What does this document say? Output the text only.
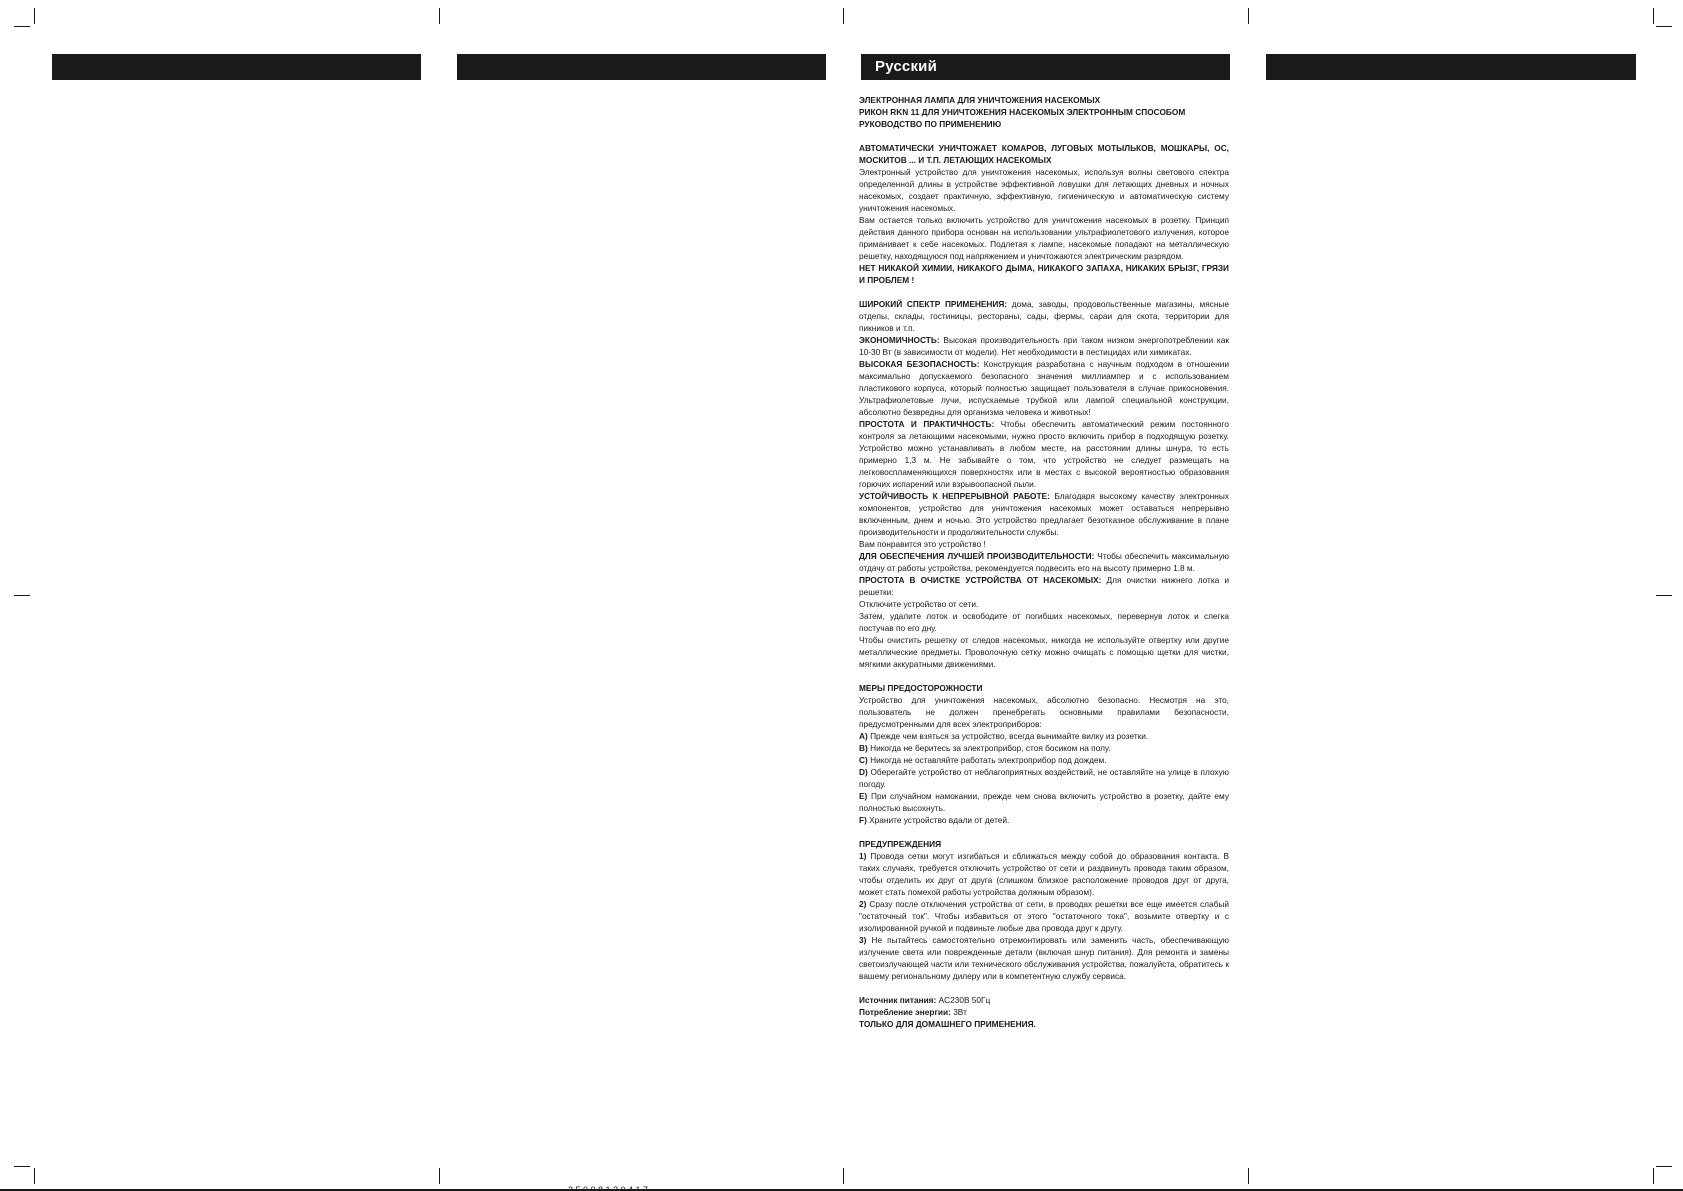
Русский

ЭЛЕКТРОННАЯ ЛАМПА ДЛЯ УНИЧТОЖЕНИЯ НАСЕКОМЫХ

РИКОН RKN 11 ДЛЯ УНИЧТОЖЕНИЯ НАСЕКОМЫХ ЭЛЕКТРОННЫМ СПОСОБОМ

РУКОВОДСТВО ПО ПРИМЕНЕНИЮ

АВТОМАТИЧЕСКИ УНИЧТОЖАЕТ КОМАРОВ, ЛУГОВЫХ МОТЫЛЬКОВ, МОШКАРЫ, ОС, МОСКИТОВ ... И Т.П. ЛЕТАЮЩИХ НАСЕКОМЫХ

Электронный устройство для уничтожения насекомых, используя волны светового спектра определенной длины в устройстве эффективной ловушки для летающих дневных и ночных насекомых, создает практичную, эффективную, гигиеническую и автоматическую систему уничтожения насекомых.

Вам остается только включить устройство для уничтожения насекомых в розетку. Принцип действия данного прибора основан на использовании ультрафиолетового излучения, которое приманивает к себе насекомых. Подлетая к лампе, насекомые попадают на металлическую решетку, находящуюся под напряжением и уничтожаются электрическим разрядом.

НЕТ НИКАКОЙ ХИМИИ, НИКАКОГО ДЫМА, НИКАКОГО ЗАПАХА, НИКАКИХ БРЫЗГ, ГРЯЗИ И ПРОБЛЕМ !

ШИРОКИЙ СПЕКТР ПРИМЕНЕНИЯ: дома, заводы, продовольственные магазины, мясные отделы, склады, гостиницы, рестораны, сады, фермы, сараи для скота, территории для пикников и т.п.

ЭКОНОМИЧНОСТЬ: Высокая производительность при таком низком энергопотреблении как 10-30 Вт (в зависимости от модели). Нет необходимости в пестицидах или химикатах.

ВЫСОКАЯ БЕЗОПАСНОСТЬ: Конструкция разработана с научным подходом в отношении максимально допускаемого безопасного значения миллиампер и с использованием пластикового корпуса, который полностью защищает пользователя в случае прикосновения. Ультрафиолетовые лучи, испускаемые трубкой или лампой специальной конструкции, абсолютно безвредны для организма человека и животных!

ПРОСТОТА И ПРАКТИЧНОСТЬ: Чтобы обеспечить автоматический режим постоянного контроля за летающими насекомыми, нужно просто включить прибор в подходящую розетку. Устройство можно устанавливать в любом месте, на расстоянии длины шнура, то есть примерно 1,3 м. Не забывайте о том, что устройство не следует размещать на легковоспламеняющихся поверхностях или в местах с высокой вероятностью образования горючих испарений или взрывоопасной пыли.

УСТОЙЧИВОСТЬ К НЕПРЕРЫВНОЙ РАБОТЕ: Благодаря высокому качеству электронных компонентов, устройство для уничтожения насекомых может оставаться непрерывно включенным, днем и ночью. Это устройство предлагает безотказное обслуживание в плане производительности и продолжительности службы.

Вам понравится это устройство !

ДЛЯ ОБЕСПЕЧЕНИЯ ЛУЧШЕЙ ПРОИЗВОДИТЕЛЬНОСТИ: Чтобы обеспечить максимальную отдачу от работы устройства, рекомендуется подвесить его на высоту примерно 1.8 м.

ПРОСТОТА В ОЧИСТКЕ УСТРОЙСТВА ОТ НАСЕКОМЫХ: Для очистки нижнего лотка и решетки:

Отключите устройство от сети.

Затем, удалите лоток и освободите от погибших насекомых, перевернув лоток и слегка постучав по его дну.

Чтобы очистить решетку от следов насекомых, никогда не используйте отвертку или другие металлические предметы. Проволочную сетку можно очищать с помощью щетки для чистки, мягкими аккуратными движениями.

МЕРЫ ПРЕДОСТОРОЖНОСТИ

Устройство для уничтожения насекомых, абсолютно безопасно. Несмотря на это, пользователь не должен пренебрегать основными правилами безопасности, предусмотренными для всех электроприборов:

A) Прежде чем взяться за устройство, всегда вынимайте вилку из розетки.

B) Никогда не беритесь за электроприбор, стоя босиком на полу.

C) Никогда не оставляйте работать электроприбор под дождем.

D) Оберегайте устройство от неблагоприятных воздействий, не оставляйте на улице в плохую погоду.

E) При случайном намокании, прежде чем снова включить устройство в розетку, дайте ему полностью высохнуть.

F) Храните устройство вдали от детей.

ПРЕДУПРЕЖДЕНИЯ

1) Провода сетки могут изгибаться и сближаться между собой до образования контакта. В таких случаях, требуется отключить устройство от сети и раздвинуть провода таким образом, чтобы отделить их друг от друга (слишком близкое расположение проводов друг от друга, может стать помехой работы устройства должным образом).

2) Сразу после отключения устройства от сети, в проводах решетки все еще имеется слабый "остаточный ток". Чтобы избавиться от этого "остаточного тока", возьмите отвертку и с изолированной ручкой и подвиньте любые два провода друг к другу.

3) Не пытайтесь самостоятельно отремонтировать или заменить часть, обеспечивающую излучение света или поврежденные детали (включая шнур питания). Для ремонта и замены светоизлучающей части или технического обслуживания устройства, пожалуйста, обратитесь к вашему региональному дилеру или в компетентную службу сервиса.

Источник питания: AC230B 50Гц

Потребление энергии: 3Вт

ТОЛЬКО ДЛЯ ДОМАШНЕГО ПРИМЕНЕНИЯ.
